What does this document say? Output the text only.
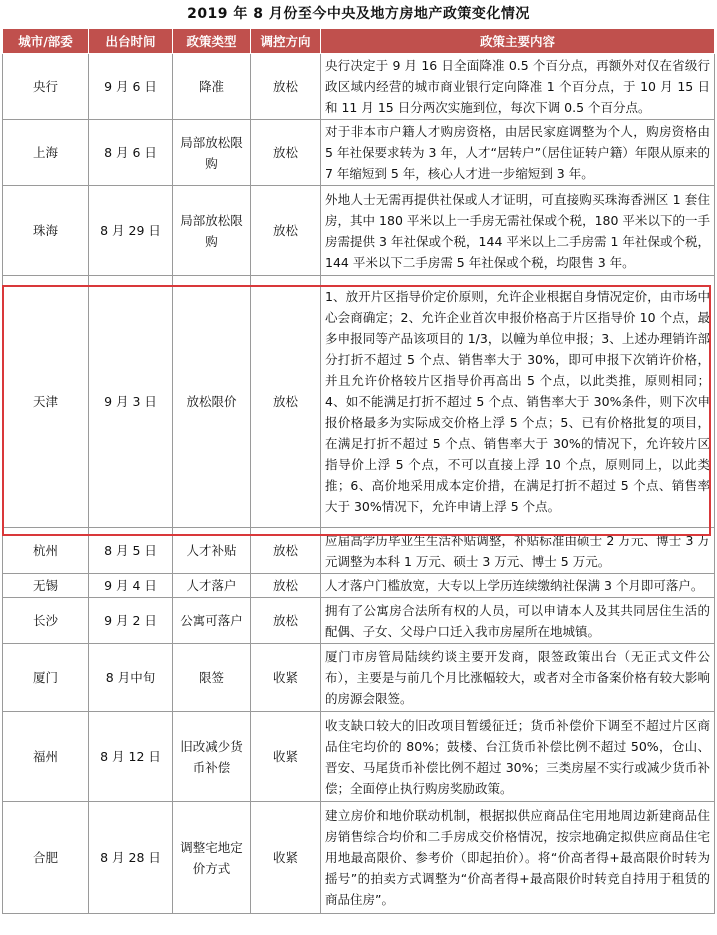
2019 年 8 月份至今中央及地方房地产政策变化情况
城市/部委	出台时间	政策类型	调控方向	政策主要内容
央行	9 月 6 日	降准	放松	央行决定于 9 月 16 日全面降准 0.5 个百分点，再额外对仅在省级行政区域内经营的城市商业银行定向降准 1 个百分点，于 10 月 15 日和 11 月 15 日分两次实施到位，每次下调 0.5 个百分点。
上海	8 月 6 日	局部放松限购	放松	对于非本市户籍人才购房资格，由居民家庭调整为个人，购房资格由 5 年社保要求转为 3 年，人才“居转户”（居住证转户籍）年限从原来的 7 年缩短到 5 年，核心人才进一步缩短到 3 年。
珠海	8 月 29 日	局部放松限购	放松	外地人士无需再提供社保或人才证明，可直接购买珠海香洲区 1 套住房，其中 180 平米以上一手房无需社保或个税，180 平米以下的一手房需提供 3 年社保或个税，144 平米以上二手房需 1 年社保或个税，144 平米以下二手房需 5 年社保或个税，均限售 3 年。
天津	9 月 3 日	放松限价	放松	1、放开片区指导价定价原则，允许企业根据自身情况定价，由市场中心会商确定；2、允许企业首次申报价格高于片区指导价 10 个点，最多申报同等产品该项目的 1/3，以幢为单位申报；3、上述办理销许部分打折不超过 5 个点、销售率大于 30%，即可申报下次销许价格，并且允许价格较片区指导价再高出 5 个点，以此类推，原则相同；4、如不能满足打折不超过 5 个点、销售率大于 30%条件，则下次申报价格最多为实际成交价格上浮 5 个点；5、已有价格批复的项目，在满足打折不超过 5 个点、销售率大于 30%的情况下，允许较片区指导价上浮 5 个点，不可以直接上浮 10 个点，原则同上，以此类推；6、高价地采用成本定价措，在满足打折不超过 5 个点、销售率大于 30%情况下，允许申请上浮 5 个点。
杭州	8 月 5 日	人才补贴	放松	应届高学历毕业生生活补贴调整，补贴标准由硕士 2 万元、博士 3 万元调整为本科 1 万元、硕士 3 万元、博士 5 万元。
无锡	9 月 4 日	人才落户	放松	人才落户门槛放宽，大专以上学历连续缴纳社保满 3 个月即可落户。
长沙	9 月 2 日	公寓可落户	放松	拥有了公寓房合法所有权的人员，可以申请本人及其共同居住生活的配偶、子女、父母户口迁入我市房屋所在地城镇。
厦门	8 月中旬	限签	收紧	厦门市房管局陆续约谈主要开发商，限签政策出台（无正式文件公布），主要是与前几个月比涨幅较大，或者对全市备案价格有较大影响的房源会限签。
福州	8 月 12 日	旧改减少货币补偿	收紧	收支缺口较大的旧改项目暂缓征迁；货币补偿价下调至不超过片区商品住宅均价的 80%；鼓楼、台江货币补偿比例不超过 50%，仓山、晋安、马尾货币补偿比例不超过 30%；三类房屋不实行或减少货币补偿；全面停止执行购房奖励政策。
合肥	8 月 28 日	调整宅地定价方式	收紧	建立房价和地价联动机制，根据拟供应商品住宅用地周边新建商品住房销售综合均价和二手房成交价格情况，按宗地确定拟供应商品住宅用地最高限价、参考价（即起拍价）。将“价高者得+最高限价时转为摇号”的拍卖方式调整为“价高者得+最高限价时转竞自持用于租赁的商品住房”。
